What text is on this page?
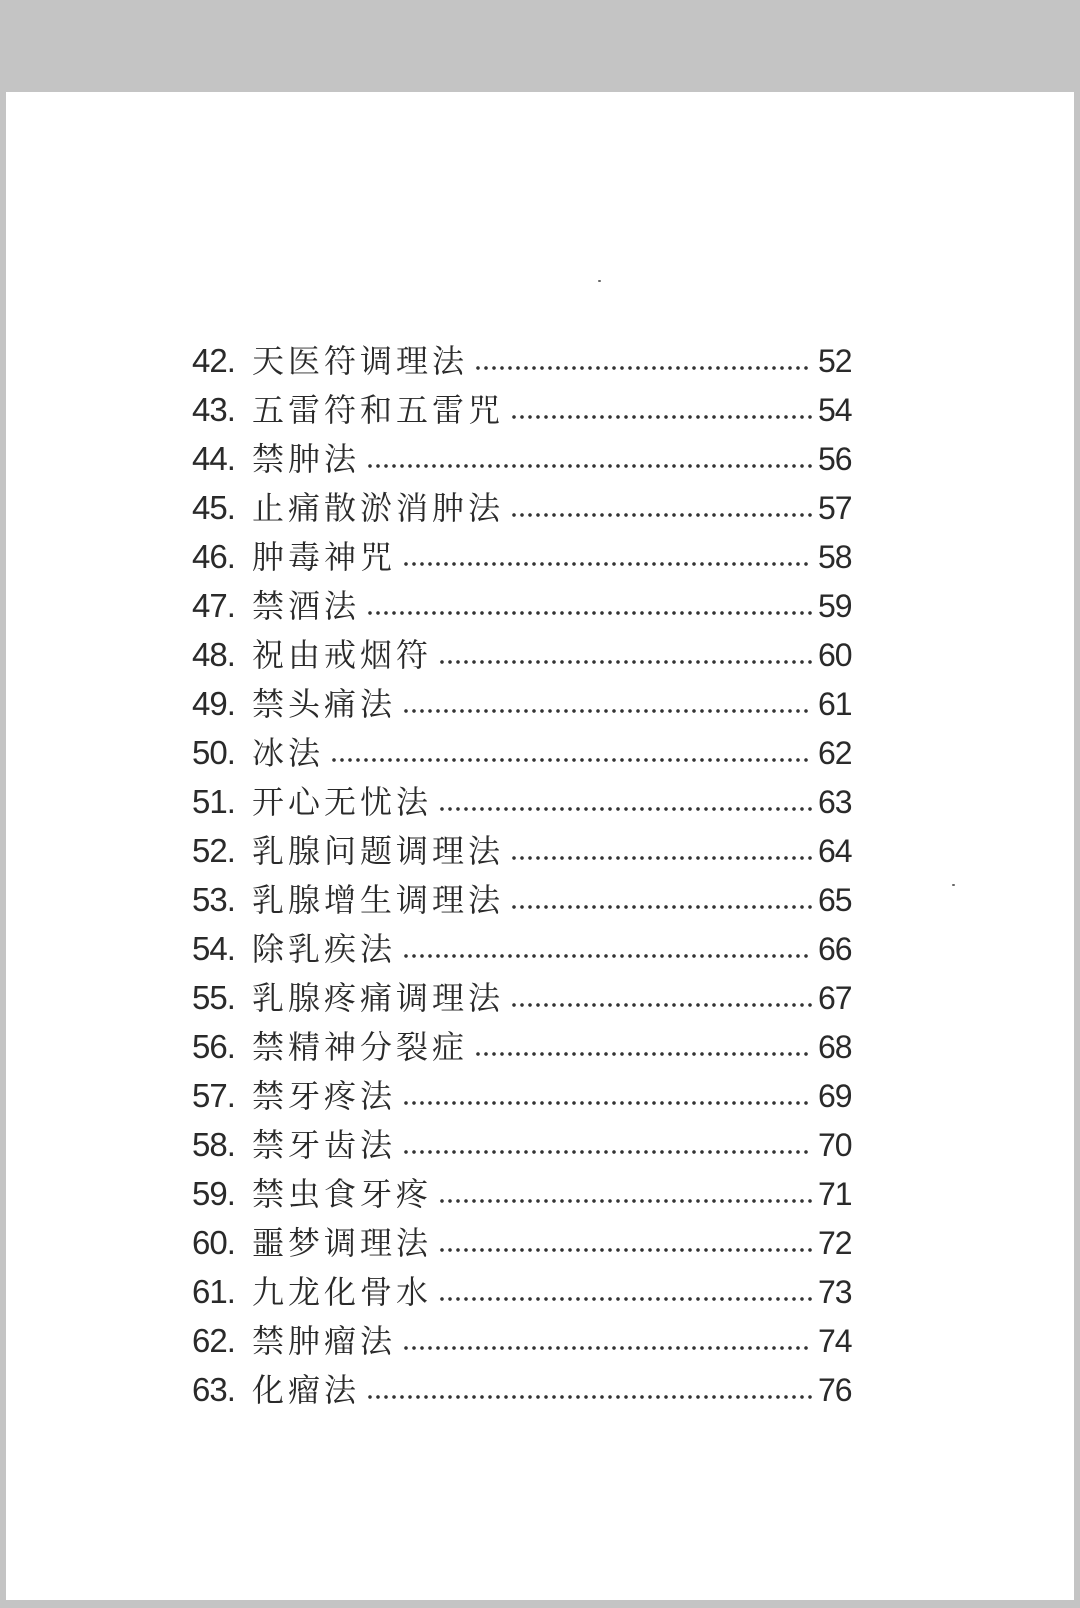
42. 天医符调理法	52
43. 五雷符和五雷咒	54
44. 禁肿法	56
45. 止痛散淤消肿法	57
46. 肿毒神咒	58
47. 禁酒法	59
48. 祝由戒烟符	60
49. 禁头痛法	61
50. 冰法	62
51. 开心无忧法	63
52. 乳腺问题调理法	64
53. 乳腺增生调理法	65
54. 除乳疾法	66
55. 乳腺疼痛调理法	67
56. 禁精神分裂症	68
57. 禁牙疼法	69
58. 禁牙齿法	70
59. 禁虫食牙疼	71
60. 噩梦调理法	72
61. 九龙化骨水	73
62. 禁肿瘤法	74
63. 化瘤法	76
